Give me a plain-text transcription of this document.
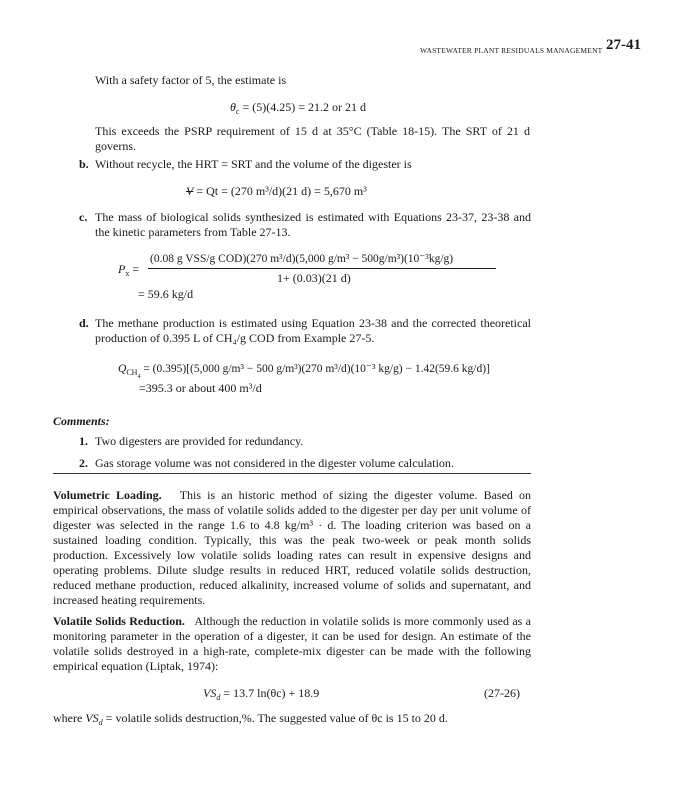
WASTEWATER PLANT RESIDUALS MANAGEMENT 27-41
With a safety factor of 5, the estimate is
$\theta_c = (5)(4.25) = 21.2$ or 21 d
This exceeds the PSRP requirement of 15 d at 35°C (Table 18-15). The SRT of 21 d governs.
b. Without recycle, the HRT = SRT and the volume of the digester is
V = Qt = (270 m³/d)(21 d) = 5,670 m³
c. The mass of biological solids synthesized is estimated with Equations 23-37, 23-38 and the kinetic parameters from Table 27-13.
$P_x$ =
(0.08 g VSS/g COD)(270 m³/d)(5,000 g/m³ − 500g/m³)(10⁻³kg/g)
1+ (0.03)(21 d)
= 59.6 kg/d
d. The methane production is estimated using Equation 23-38 and the corrected theoretical production of 0.395 L of CH₄/g COD from Example 27-5.
$Q_{CH_4} = (0.395)[(5,000$ g/m³ − 500 g/m³)(270 m³/d)(10⁻³ kg/g) − 1.42(59.6 kg/d)]
=395.3 or about 400 m³/d
Comments:
1. Two digesters are provided for redundancy.
2. Gas storage volume was not considered in the digester volume calculation.
Volumetric Loading. This is an historic method of sizing the digester volume. Based on empirical observations, the mass of volatile solids added to the digester per day per unit volume of digester was selected in the range 1.6 to 4.8 kg/m³ · d. The loading criterion was based on a sustained loading condition. Typically, this was the peak two-week or peak month solids production. Excessively low volatile solids loading rates can result in expensive designs and operating problems. Dilute sludge results in reduced HRT, reduced volatile solids destruction, reduced methane production, reduced alkalinity, increased volume of solids and supernatant, and increased heating requirements.
Volatile Solids Reduction. Although the reduction in volatile solids is more commonly used as a monitoring parameter in the operation of a digester, it can be used for design. An estimate of the volatile solids destroyed in a high-rate, complete-mix digester can be made with the following empirical equation (Liptak, 1974):
$VS_d = 13.7$ ln(θc) + 18.9	(27-26)
where $VS_d$ = volatile solids destruction,%. The suggested value of θc is 15 to 20 d.
